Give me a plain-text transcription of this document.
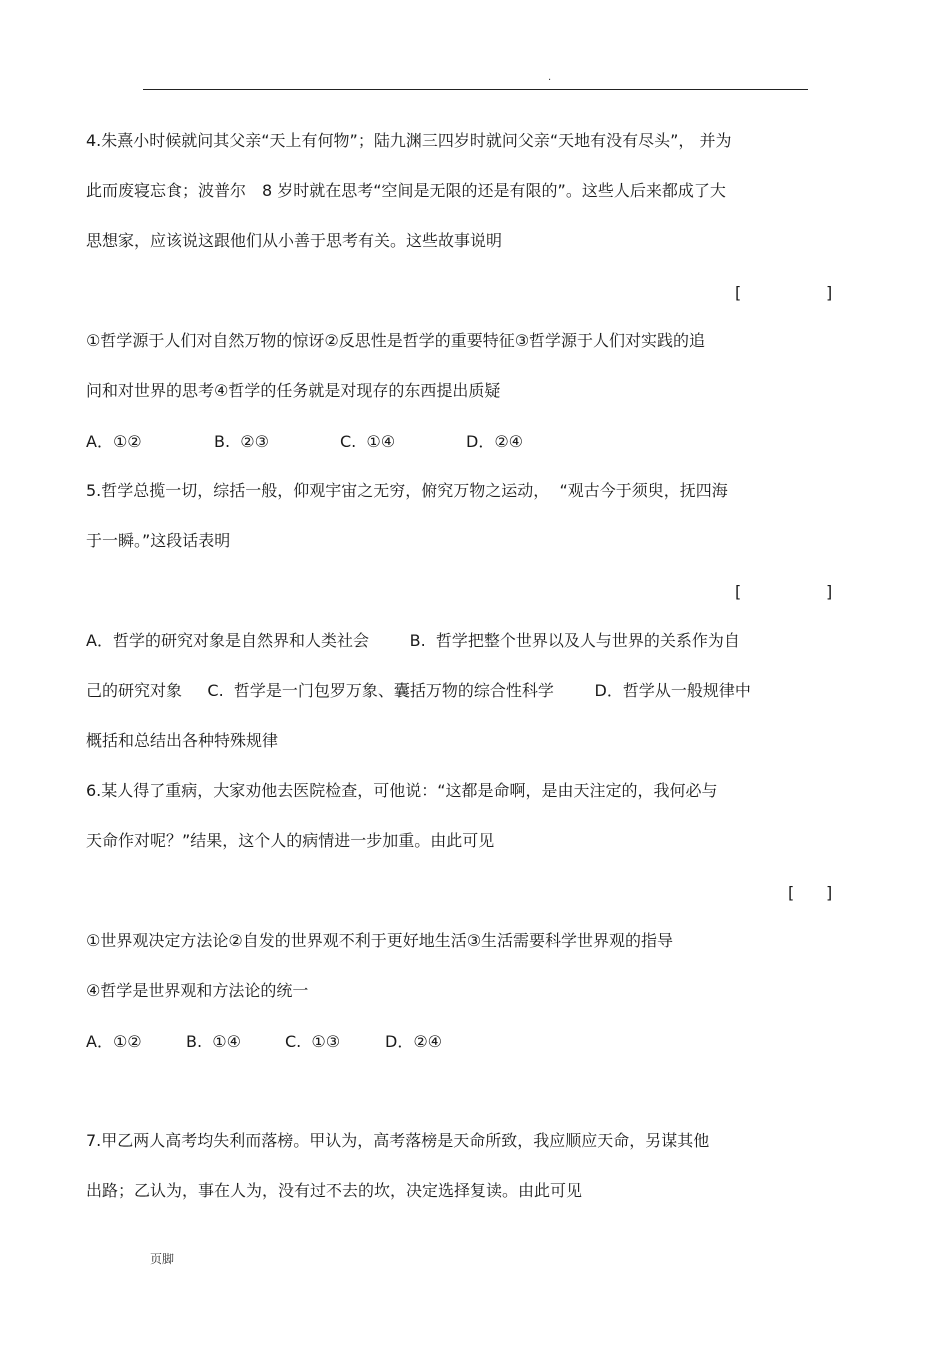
.
4.朱熹小时候就问其父亲“天上有何物”；陆九渊三四岁时就问父亲“天地有没有尽头”， 并为
此而废寝忘食；波普尔　8 岁时就在思考“空间是无限的还是有限的”。这些人后来都成了大
思想家，应该说这跟他们从小善于思考有关。这些故事说明
[	]
①哲学源于人们对自然万物的惊讶②反思性是哲学的重要特征③哲学源于人们对实践的追
问和对世界的思考④哲学的任务就是对现存的东西提出质疑
A．①②	B.  ②③	C.  ①④	D．②④
5.哲学总揽一切，综括一般，仰观宇宙之无穷，俯究万物之运动，  “观古今于须臾，抚四海
于一瞬。”这段话表明
[	]
A．哲学的研究对象是自然界和人类社会        B.  哲学把整个世界以及人与世界的关系作为自
己的研究对象     C.  哲学是一门包罗万象、囊括万物的综合性科学        D．哲学从一般规律中
概括和总结出各种特殊规律
6.某人得了重病，大家劝他去医院检查，可他说：“这都是命啊，是由天注定的，我何必与
天命作对呢？”结果，这个人的病情进一步加重。由此可见
[ ]
①世界观决定方法论②自发的世界观不利于更好地生活③生活需要科学世界观的指导
④哲学是世界观和方法论的统一
A．①②	B.  ①④	C.  ①③	D．②④
7.甲乙两人高考均失利而落榜。甲认为，高考落榜是天命所致，我应顺应天命，另谋其他
出路；乙认为，事在人为，没有过不去的坎，决定选择复读。由此可见
页脚
